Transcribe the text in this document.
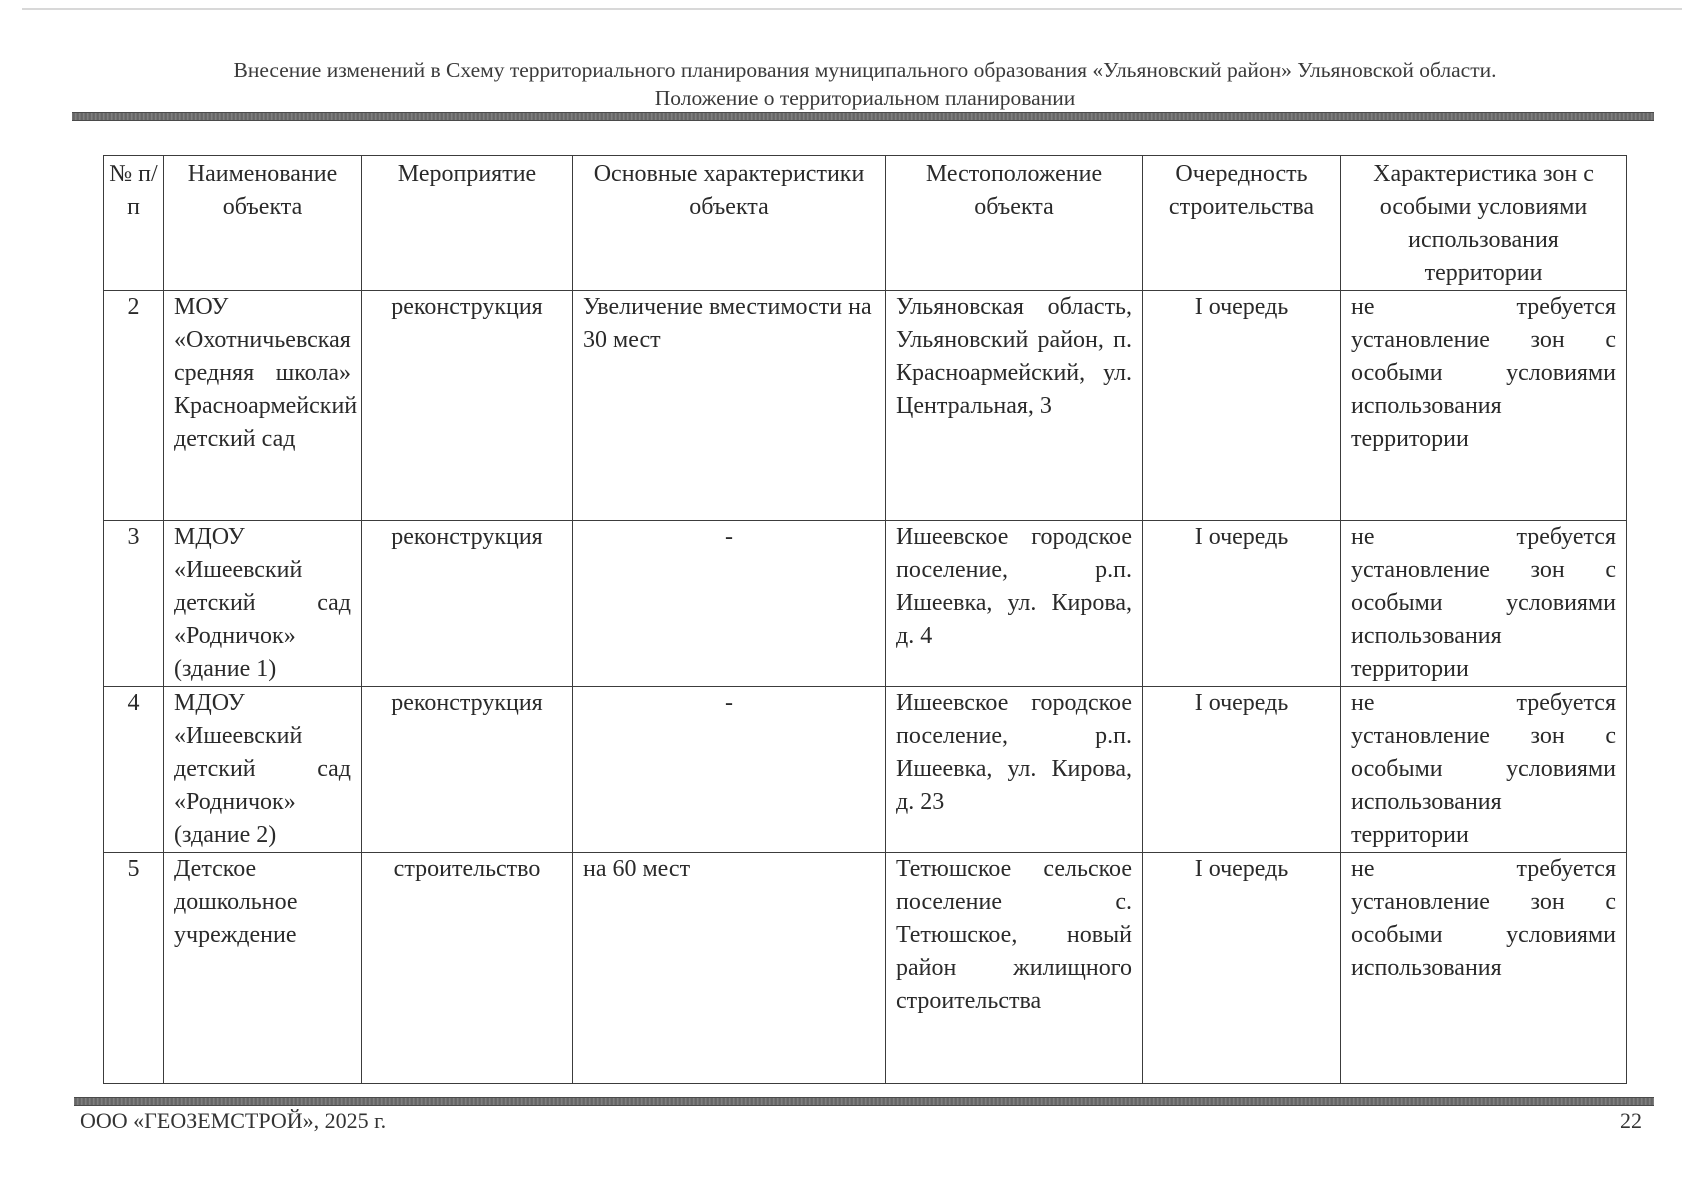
Внесение изменений в Схему территориального планирования муниципального образования «Ульяновский район» Ульяновской области.
Положение о территориальном планировании
№ п/п	Наименование объекта	Мероприятие	Основные характеристики объекта	Местоположение объекта	Очередность строительства	Характеристика зон с особыми условиями использования территории
2	МОУ «Охотничьевская средняя школа» Красноармейский детский сад	реконструкция	Увеличение вместимости на 30 мест	Ульяновская область, Ульяновский район, п. Красноармейский, ул. Центральная, 3	I очередь	не требуется установление зон с особыми условиями использования территории
3	МДОУ «Ишеевский детский сад «Родничок» (здание 1)	реконструкция	-	Ишеевское городское поселение, р.п. Ишеевка, ул. Кирова, д. 4	I очередь	не требуется установление зон с особыми условиями использования территории
4	МДОУ «Ишеевский детский сад «Родничок» (здание 2)	реконструкция	-	Ишеевское городское поселение, р.п. Ишеевка, ул. Кирова, д. 23	I очередь	не требуется установление зон с особыми условиями использования территории
5	Детское дошкольное учреждение	строительство	на 60 мест	Тетюшское сельское поселение с. Тетюшское, новый район жилищного строительства	I очередь	не требуется установление зон с особыми условиями использования
ООО «ГЕОЗЕМСТРОЙ», 2025 г.	22
